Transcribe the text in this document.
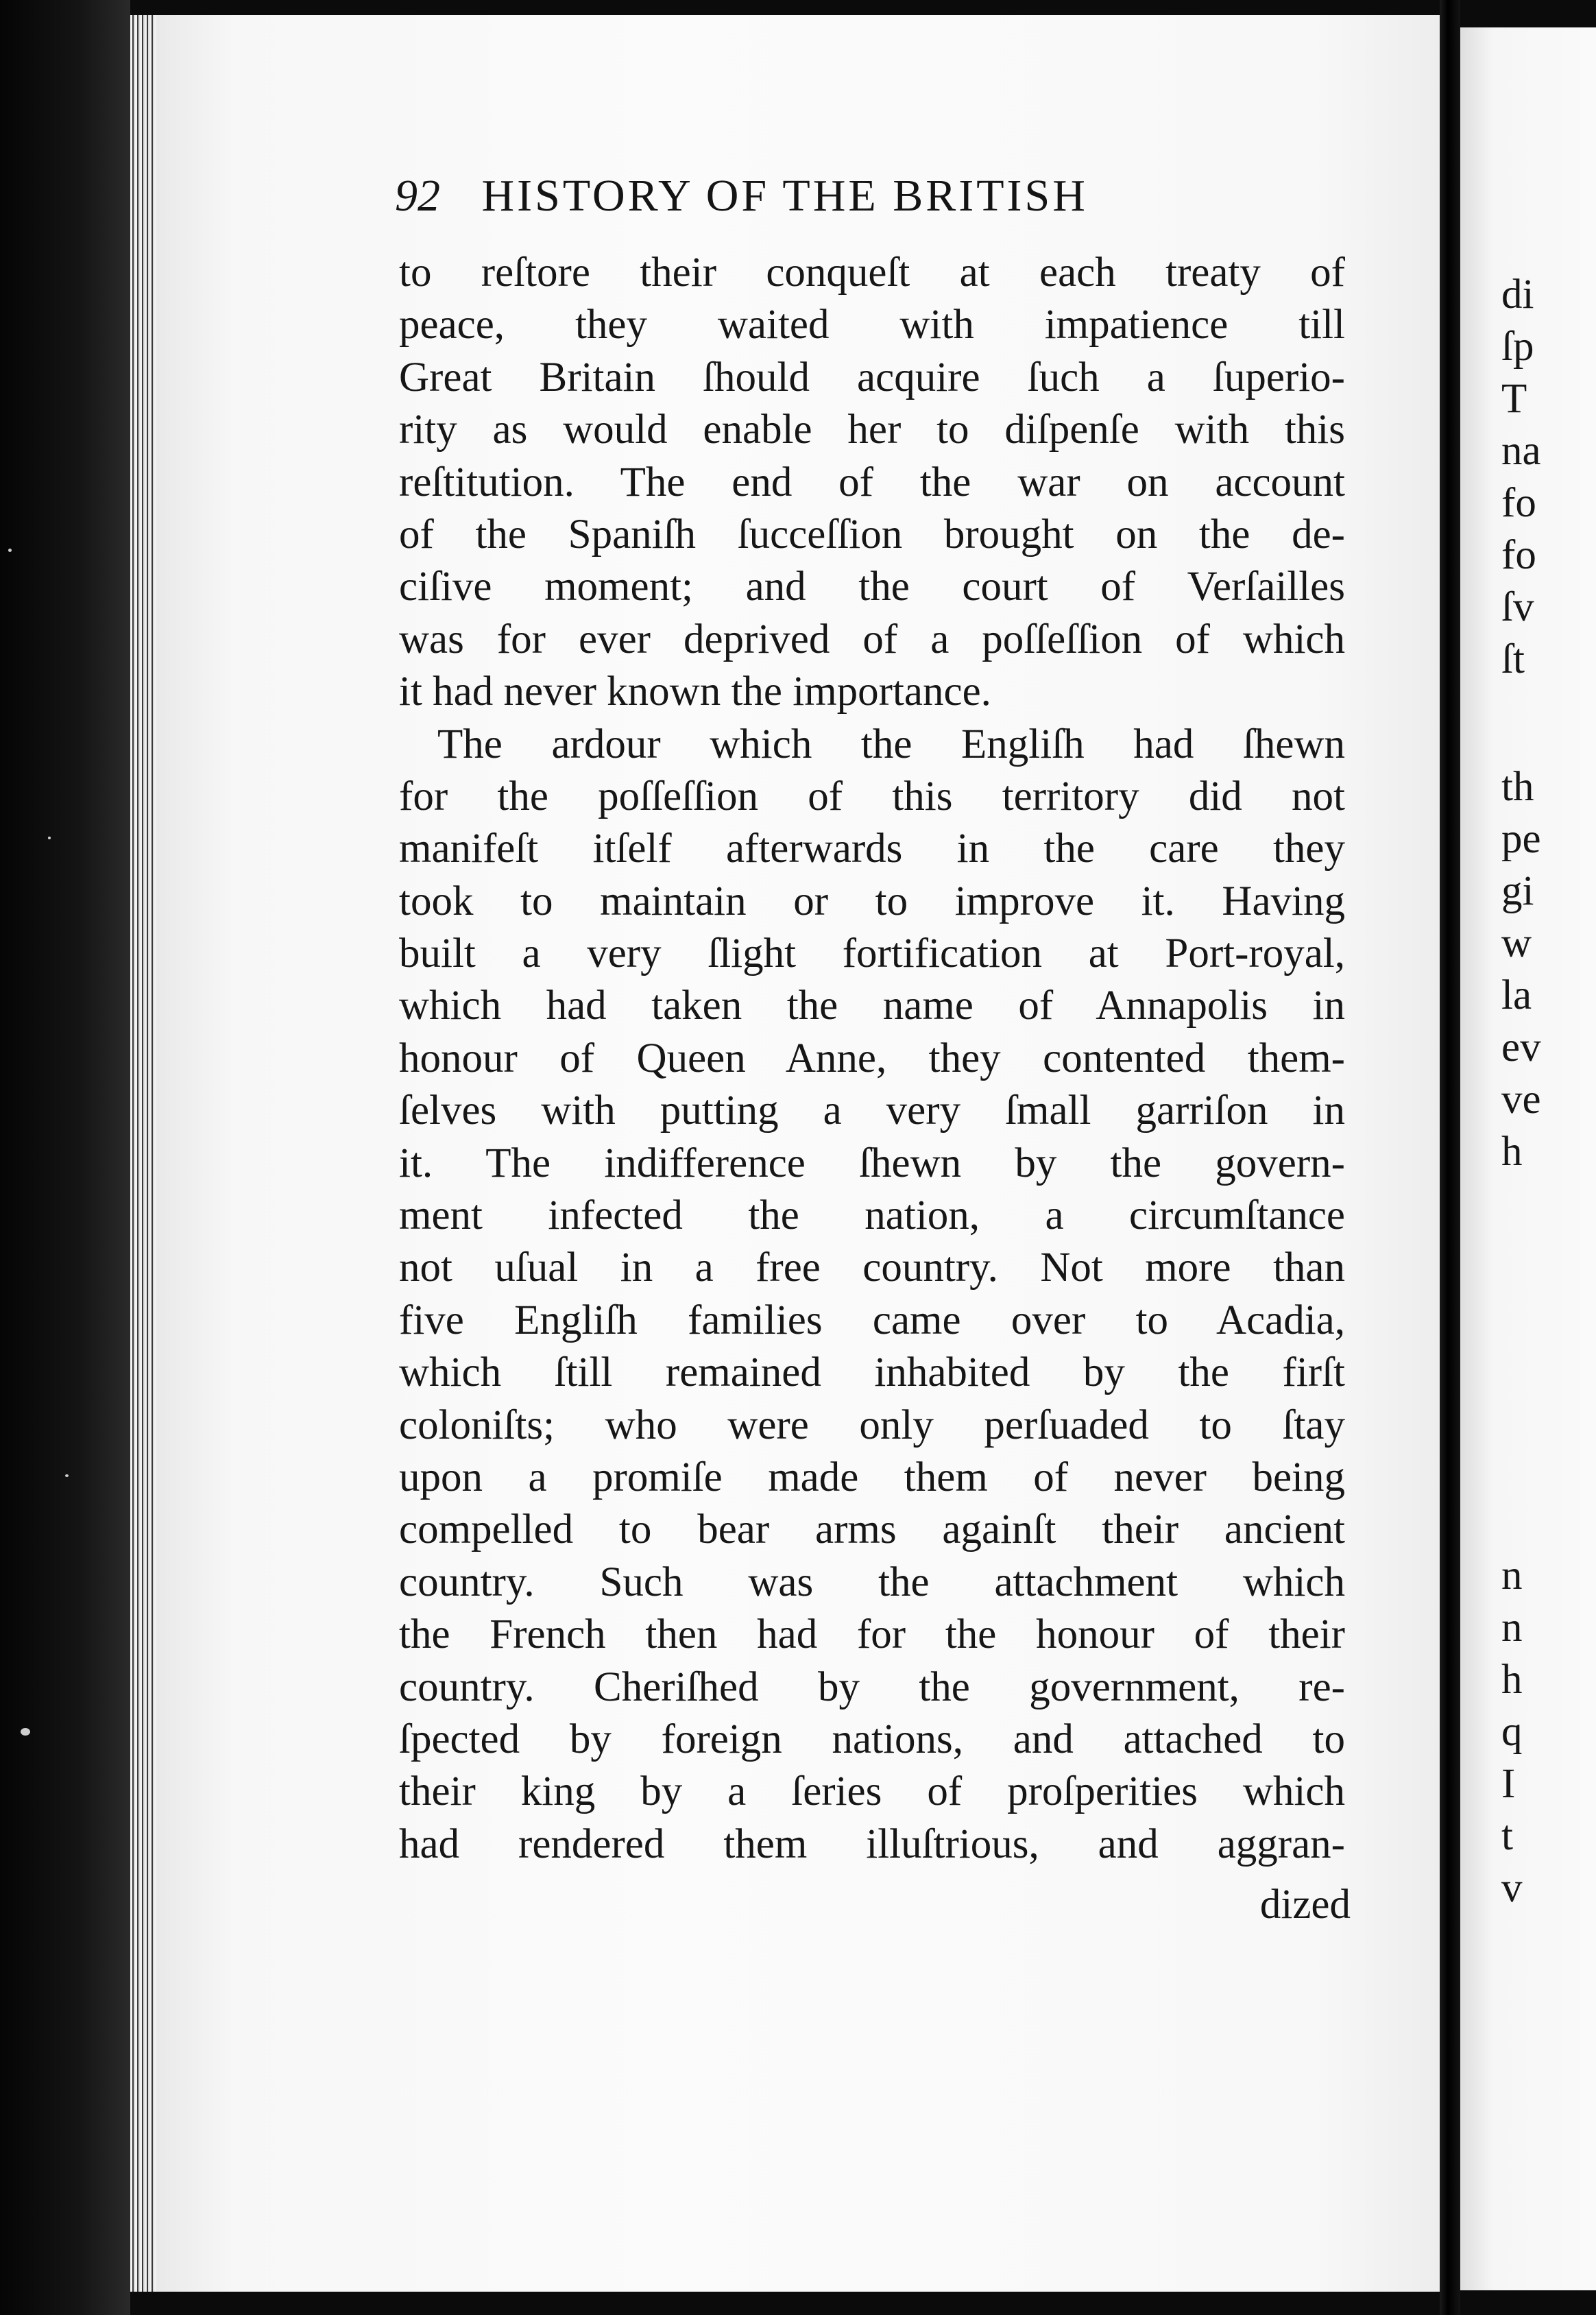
92 HISTORY OF THE BRITISH
to reſtore their conqueſt at each treaty of
peace, they waited with impatience till
Great Britain ſhould acquire ſuch a ſuperio-
rity as would enable her to diſpenſe with this
reſtitution. The end of the war on account
of the Spaniſh ſucceſſion brought on the de-
ciſive moment; and the court of Verſailles
was for ever deprived of a poſſeſſion of which
it had never known the importance.
The ardour which the Engliſh had ſhewn
for the poſſeſſion of this territory did not
manifeſt itſelf afterwards in the care they
took to maintain or to improve it. Having
built a very ſlight fortification at Port-royal,
which had taken the name of Annapolis in
honour of Queen Anne, they contented them-
ſelves with putting a very ſmall garriſon in
it. The indifference ſhewn by the govern-
ment infected the nation, a circumſtance
not uſual in a free country. Not more than
five Engliſh families came over to Acadia,
which ſtill remained inhabited by the firſt
coloniſts; who were only perſuaded to ſtay
upon a promiſe made them of never being
compelled to bear arms againſt their ancient
country. Such was the attachment which
the French then had for the honour of their
country. Cheriſhed by the government, re-
ſpected by foreign nations, and attached to
their king by a ſeries of proſperities which
had rendered them illuſtrious, and aggran-
dized
di
ſp
T
na
fo
fo
ſv
ſt
th
pe
gi
w
la
ev
ve
h
n
n
h
q
I
t
v
